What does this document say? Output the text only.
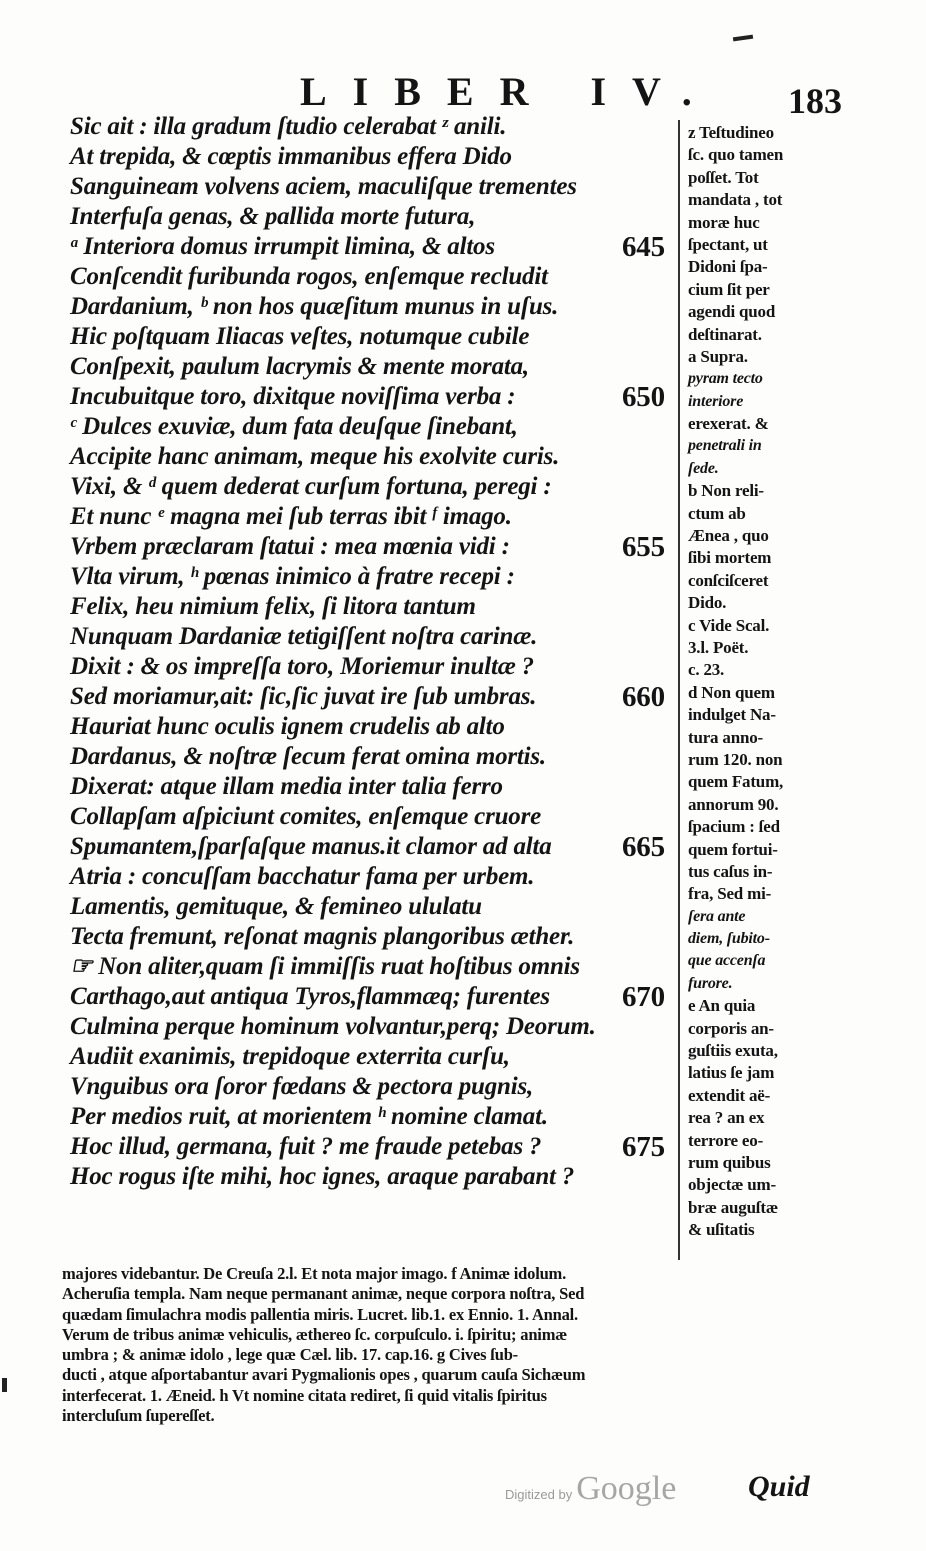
LIBER IV. 183
Sic ait : illa gradum ſtudio celerabat ᶻ anili.
At trepida, & cœptis immanibus effera Dido
Sanguineam volvens aciem, maculiſque trementes
Interfuſa genas, & pallida morte futura,
ᵃ Interiora domus irrumpit limina, & altos	645
Conſcendit furibunda rogos, enſemque recludit
Dardanium, ᵇ non hos quæſitum munus in uſus.
Hic poſtquam Iliacas veſtes, notumque cubile
Conſpexit, paulum lacrymis & mente morata,
Incubuitque toro, dixitque noviſſima verba :	650
ᶜ Dulces exuviæ, dum fata deuſque ſinebant,
Accipite hanc animam, meque his exolvite curis.
Vixi, & ᵈ quem dederat curſum fortuna, peregi :
Et nunc ᵉ magna mei ſub terras ibit ᶠ imago.
Vrbem præclaram ſtatui : mea mœnia vidi :	655
Vlta virum, ʰ pœnas inimico à fratre recepi :
Felix, heu nimium felix, ſi litora tantum
Nunquam Dardaniæ tetigiſſent noſtra carinæ.
Dixit : & os impreſſa toro, Moriemur inultæ ?
Sed moriamur,ait: ſic,ſic juvat ire ſub umbras.	660
Hauriat hunc oculis ignem crudelis ab alto
Dardanus, & noſtræ ſecum ferat omina mortis.
Dixerat: atque illam media inter talia ferro
Collapſam aſpiciunt comites, enſemque cruore
Spumantem,ſparſaſque manus.it clamor ad alta 665
Atria : concuſſam bacchatur fama per urbem.
Lamentis, gemituque, & femineo ululatu
Tecta fremunt, reſonat magnis plangoribus æther.
☞ Non aliter,quam ſi immiſſis ruat hoſtibus omnis
Carthago,aut antiqua Tyros,flammæq; furentes 670
Culmina perque hominum volvantur,perq; Deorum.
Audiit exanimis, trepidoque exterrita curſu,
Vnguibus ora ſoror fœdans & pectora pugnis,
Per medios ruit, at morientem ʰ nomine clamat.
Hoc illud, germana, fuit ? me fraude petebas ?	675
Hoc rogus iſte mihi, hoc ignes, araque parabant ?
z Teſtudineo
ſc. quo tamen
poſſet. Tot
mandata , tot
moræ huc
ſpectant, ut
Didoni ſpa-
cium ſit per
agendi quod
deſtinarat.
a Supra.
pyram tecto
interiore
erexerat. &
penetrali in
ſede.
b Non reli-
ctum ab
Ænea , quo
ſibi mortem
conſciſceret
Dido.
c Vide Scal.
3.l. Poët.
c. 23.
d Non quem
indulget Na-
tura anno-
rum 120. non
quem Fatum,
annorum 90.
ſpacium : ſed
quem fortui-
tus caſus in-
fra, Sed mi-
ſera ante
diem, ſubito-
que accenſa
furore.
e An quia
corporis an-
guſtiis exuta,
latius ſe jam
extendit aë-
rea ? an ex
terrore eo-
rum quibus
objectæ um-
bræ auguſtæ
& uſitatis
majores videbantur. De Creuſa 2.l. Et nota major imago. f Animæ idolum.
Acheruſia templa. Nam neque permanant animæ, neque corpora noſtra, Sed
quædam ſimulachra modis pallentia miris. Lucret. lib.1. ex Ennio. 1. Annal.
Verum de tribus animæ vehiculis, æthereo ſc. corpuſculo. i. ſpiritu; animæ
umbra ; & animæ idolo , lege quæ Cæl. lib. 17. cap.16. g Cives ſub-
ducti , atque aſportabantur avari Pygmalionis opes , quarum cauſa Sichæum
interfecerat. 1. Æneid. h Vt nomine citata rediret, ſi quid vitalis ſpiritus
intercluſum ſupereſſet.
Digitized by Google Quid
